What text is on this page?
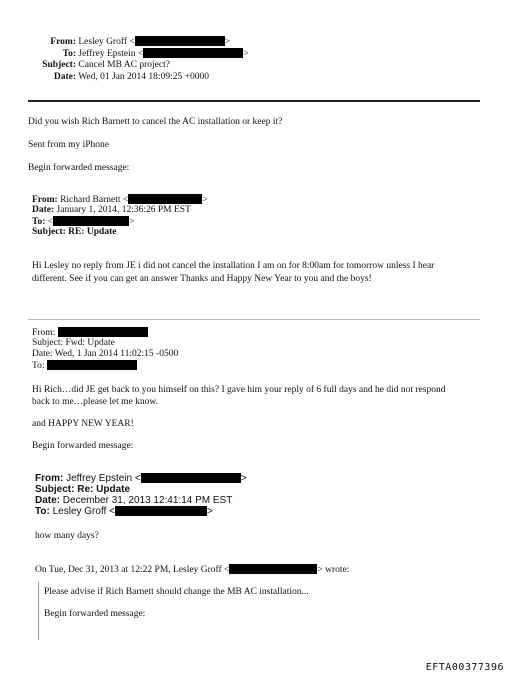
From: Lesley Groff <	>
To: Jeffrey Epstein <	>
Subject: Cancel MB AC project?
Date: Wed, 01 Jan 2014 18:09:25 +0000
Did you wish Rich Barnett to cancel the AC installation or keep it?
Sent from my iPhone
Begin forwarded message:
From: Richard Barnett <	>
Date: January 1, 2014, 12:36:26 PM EST
To: <	>
Subject: RE: Update
Hi Lesley no reply from JE i did not cancel the installation I am on for 8:00am for tomorrow unless I hear
different. See if you can get an answer Thanks and Happy New Year to you and the boys!
From:
Subject: Fwd: Update
Date: Wed, 1 Jan 2014 11:02:15 -0500
To:
Hi Rich…did JE get back to you himself on this? I gave him your reply of 6 full days and he did not respond
back to me…please let me know.
and HAPPY NEW YEAR!
Begin forwarded message:
From: Jeffrey Epstein <	>
Subject: Re: Update
Date: December 31, 2013 12:41:14 PM EST
To: Lesley Groff <	>
how many days?
On Tue, Dec 31, 2013 at 12:22 PM, Lesley Groff <	> wrote:
Please advise if Rich Barnett should change the MB AC installation...
Begin forwarded message:
EFTA00377396
